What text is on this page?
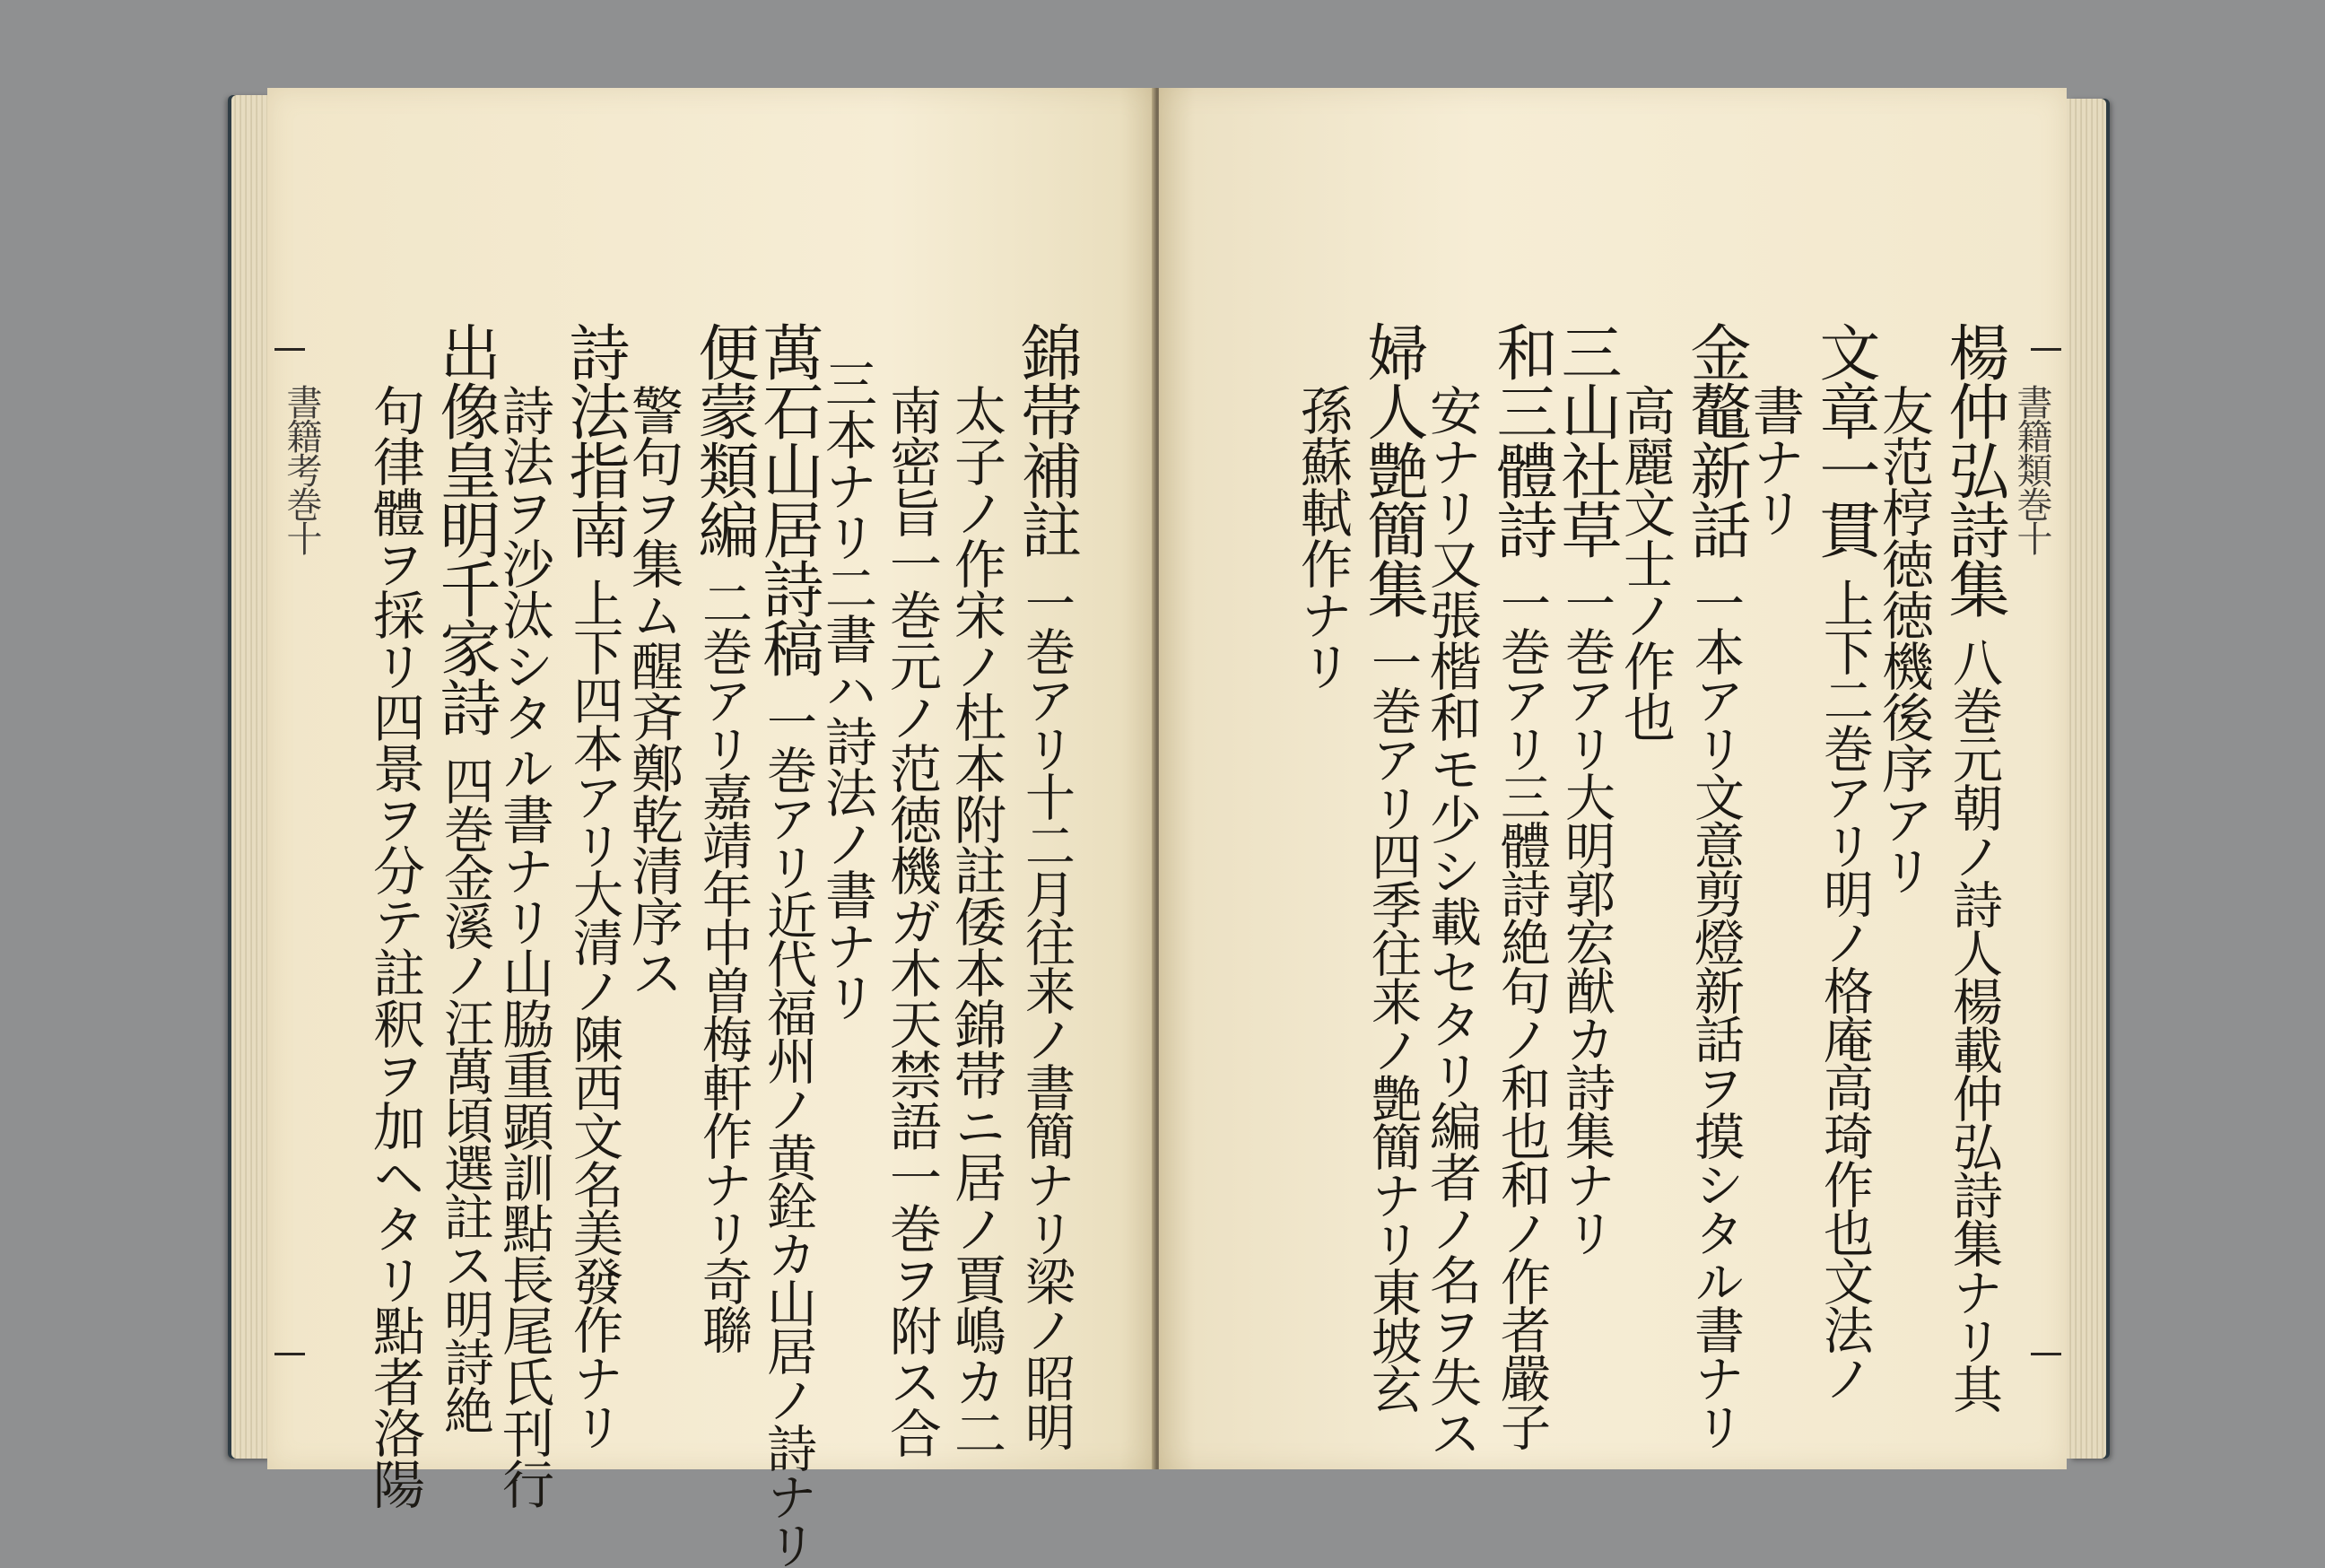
書籍考巻十	錦帯補註一巻アリ十二月往来ノ書簡ナリ梁ノ昭明
太子ノ作宋ノ杜本附註倭本錦帯ニ居ノ賈嶋カ二
南密旨一巻元ノ范徳機ガ木天禁語一巻ヲ附ス合
三本ナリ二書ハ詩法ノ書ナリ
萬石山居詩稿一巻アリ近代福州ノ黄銓カ山居ノ詩ナリ
便蒙類編二巻アリ嘉靖年中曽梅軒作ナリ奇聯
警句ヲ集ム醒斉鄭乾清序ス
詩法指南上下四本アリ大清ノ陳西文名美發作ナリ
詩法ヲ沙汰シタル書ナリ山脇重顕訓點長尾氏刊行
出像皇明千家詩四巻金溪ノ汪萬頃選註ス明詩絶
句律體ヲ採リ四景ヲ分テ註釈ヲ加ヘタリ點者洛陽	書籍類巻十
楊仲弘詩集八巻元朝ノ詩人楊載仲弘詩集ナリ其
友范梈徳徳機後序アリ
文章一貫上下二巻アリ明ノ格庵高琦作也文法ノ
書ナリ
金鼇新話一本アリ文意剪燈新話ヲ摸シタル書ナリ
高麗文士ノ作也
三山社草一巻アリ大明郭宏猷カ詩集ナリ
和三體詩一巻アリ三體詩絶句ノ和也和ノ作者嚴子
安ナリ又張楷和モ少シ載セタリ編者ノ名ヲ失ス
婦人艶簡集一巻アリ四季往来ノ艶簡ナリ東坡玄
孫蘇軾作ナリ
